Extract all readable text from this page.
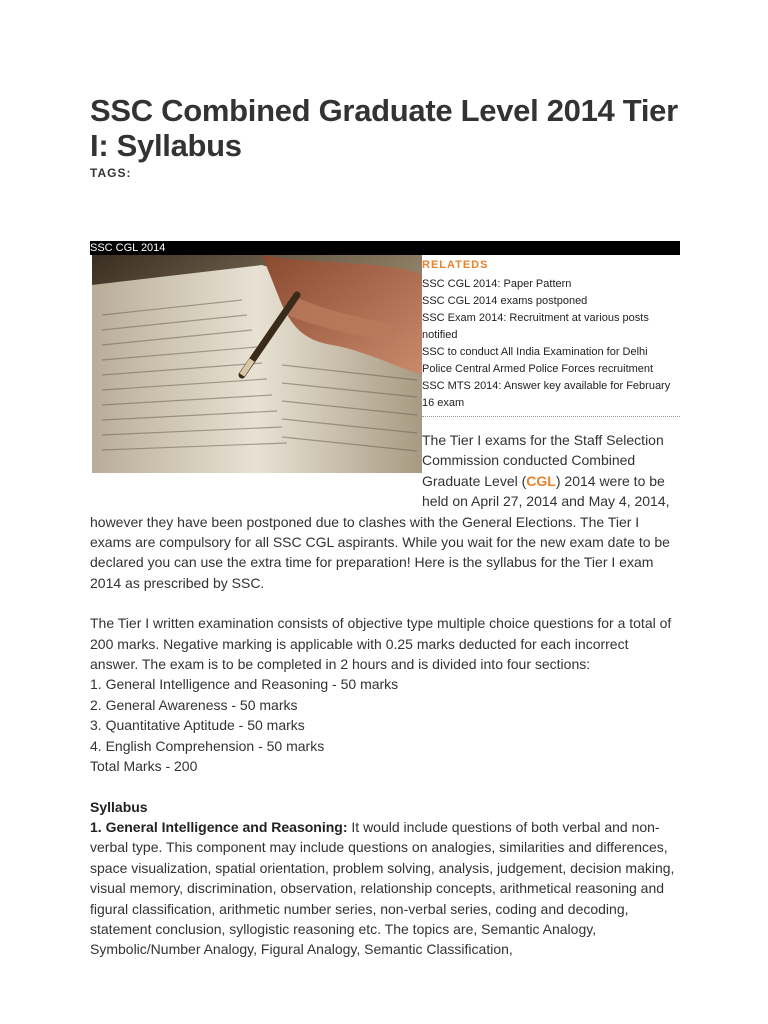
SSC Combined Graduate Level 2014 Tier I: Syllabus
TAGS:
SSC CGL 2014
RELATEDS
SSC CGL 2014: Paper Pattern
SSC CGL 2014 exams postponed
SSC Exam 2014: Recruitment at various posts notified
SSC to conduct All India Examination for Delhi Police Central Armed Police Forces recruitment
SSC MTS 2014: Answer key available for February 16 exam

The Tier I exams for the Staff Selection Commission conducted Combined Graduate Level (CGL) 2014 were to be held on April 27, 2014 and May 4, 2014, however they have been postponed due to clashes with the General Elections. The Tier I exams are compulsory for all SSC CGL aspirants. While you wait for the new exam date to be declared you can use the extra time for preparation! Here is the syllabus for the Tier I exam 2014 as prescribed by SSC.

The Tier I written examination consists of objective type multiple choice questions for a total of 200 marks. Negative marking is applicable with 0.25 marks deducted for each incorrect answer. The exam is to be completed in 2 hours and is divided into four sections:
1. General Intelligence and Reasoning - 50 marks
2. General Awareness - 50 marks
3. Quantitative Aptitude - 50 marks
4. English Comprehension - 50 marks
Total Marks - 200

Syllabus
1. General Intelligence and Reasoning: It would include questions of both verbal and non-verbal type. This component may include questions on analogies, similarities and differences, space visualization, spatial orientation, problem solving, analysis, judgement, decision making, visual memory, discrimination, observation, relationship concepts, arithmetical reasoning and figural classification, arithmetic number series, non-verbal series, coding and decoding, statement conclusion, syllogistic reasoning etc. The topics are, Semantic Analogy, Symbolic/Number Analogy, Figural Analogy, Semantic Classification,
